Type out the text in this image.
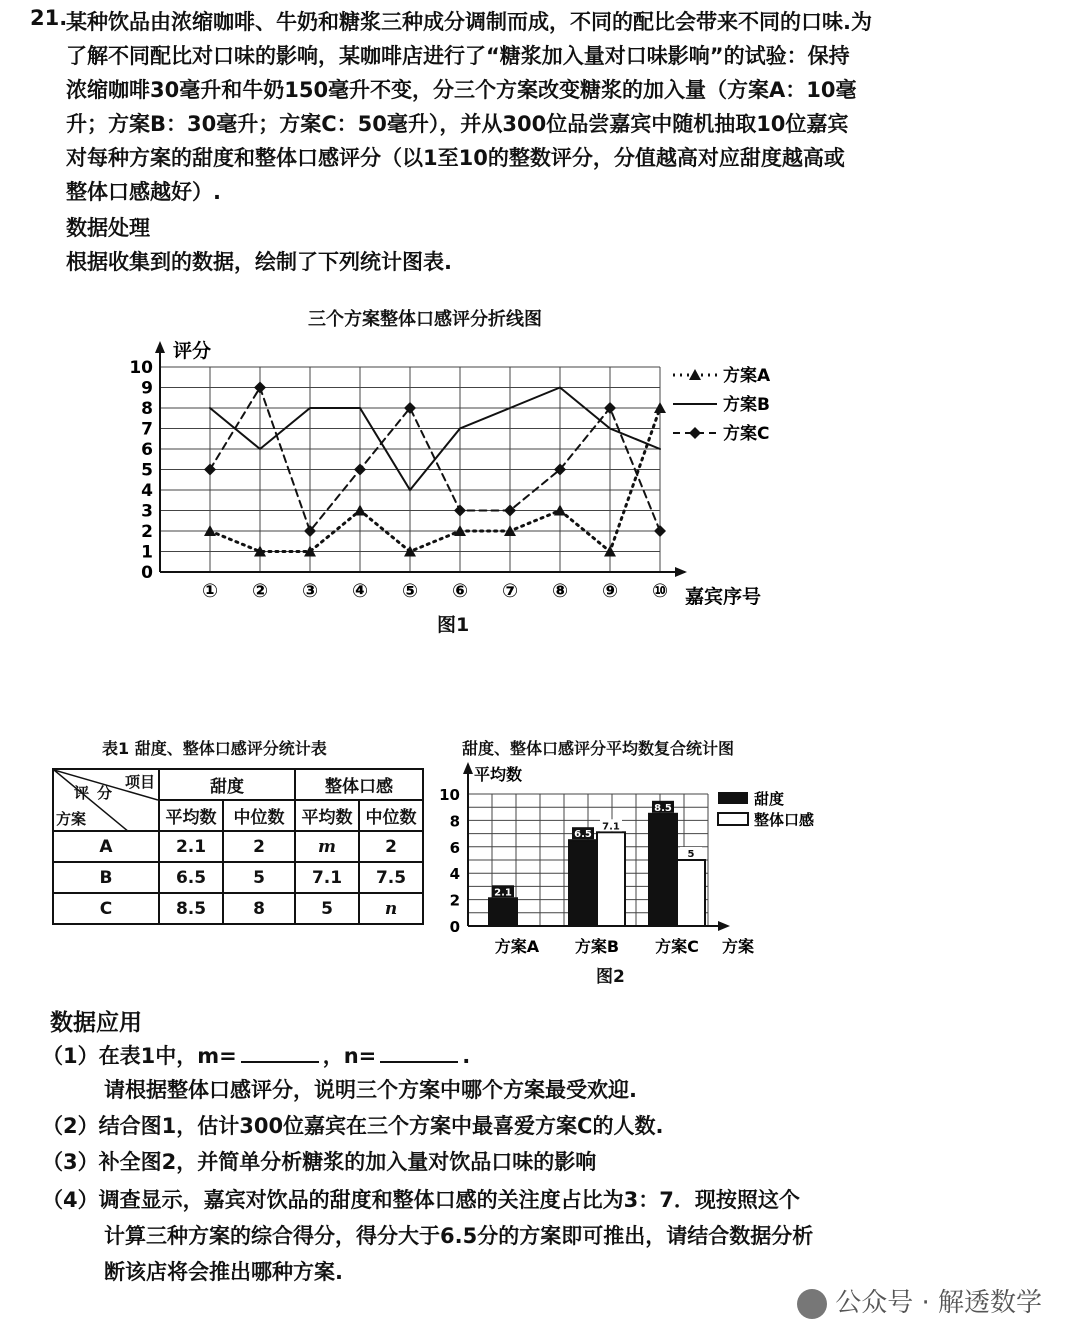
21.
某种饮品由浓缩咖啡、牛奶和糖浆三种成分调制而成，不同的配比会带来不同的口味.为
了解不同配比对口味的影响，某咖啡店进行了“糖浆加入量对口味影响”的试验：保持
浓缩咖啡30毫升和牛奶150毫升不变，分三个方案改变糖浆的加入量（方案A：10毫
升；方案B：30毫升；方案C：50毫升），并从300位品尝嘉宾中随机抽取10位嘉宾
对每种方案的甜度和整体口感评分（以1至10的整数评分，分值越高对应甜度越高或
整体口感越好）.
数据处理
根据收集到的数据，绘制了下列统计图表.
三个方案整体口感评分折线图
0
1
2
3
4
5
6
7
8
9
10
评分
① ② ③ ④ ⑤ ⑥ ⑦ ⑧ ⑨ ⑩ 嘉宾序号
方案A
方案B
方案C
图1
表1 甜度、整体口感评分统计表
项目
评分
方案	甜度		整体口感	
	平均数	中位数	平均数	中位数
A	2.1	2	m	2
B	6.5	5	7.1	7.5
C	8.5	8	5	n
甜度、整体口感评分平均数复合统计图
0
2
4
6
8
10
平均数
方案A
2.1
方案B
6.5
7.1
方案C
8.5
5
方案
甜度
整体口感
图2
数据应用
（1）在表1中，m=	，n=	.
请根据整体口感评分，说明三个方案中哪个方案最受欢迎.
（2）结合图1，估计300位嘉宾在三个方案中最喜爱方案C的人数.
（3）补全图2，并简单分析糖浆的加入量对饮品口味的影响
（4）调查显示，嘉宾对饮品的甜度和整体口感的关注度占比为3：7．现按照这个
计算三种方案的综合得分，得分大于6.5分的方案即可推出，请结合数据分析
断该店将会推出哪种方案.
公众号 · 解透数学
